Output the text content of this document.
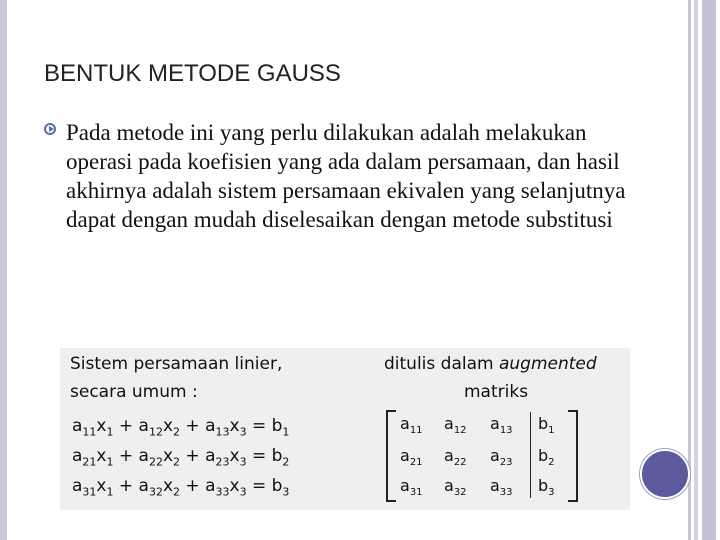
BENTUK METODE GAUSS
Pada metode ini yang perlu dilakukan adalah melakukan operasi pada koefisien yang ada dalam persamaan, dan hasil akhirnya adalah sistem persamaan ekivalen yang selanjutnya dapat dengan mudah diselesaikan dengan metode substitusi
Sistem persamaan linier,
secara umum :
ditulis dalam augmented
matriks
$a_{11}x_1 + a_{12}x_2 + a_{13}x_3 = b_1$
$a_{21}x_1 + a_{22}x_2 + a_{23}x_3 = b_2$
$a_{31}x_1 + a_{32}x_2 + a_{33}x_3 = b_3$
$a_{11}$ $a_{12}$ $a_{13}$ $b_1$
$a_{21}$ $a_{22}$ $a_{23}$ $b_2$
$a_{31}$ $a_{32}$ $a_{33}$ $b_3$
